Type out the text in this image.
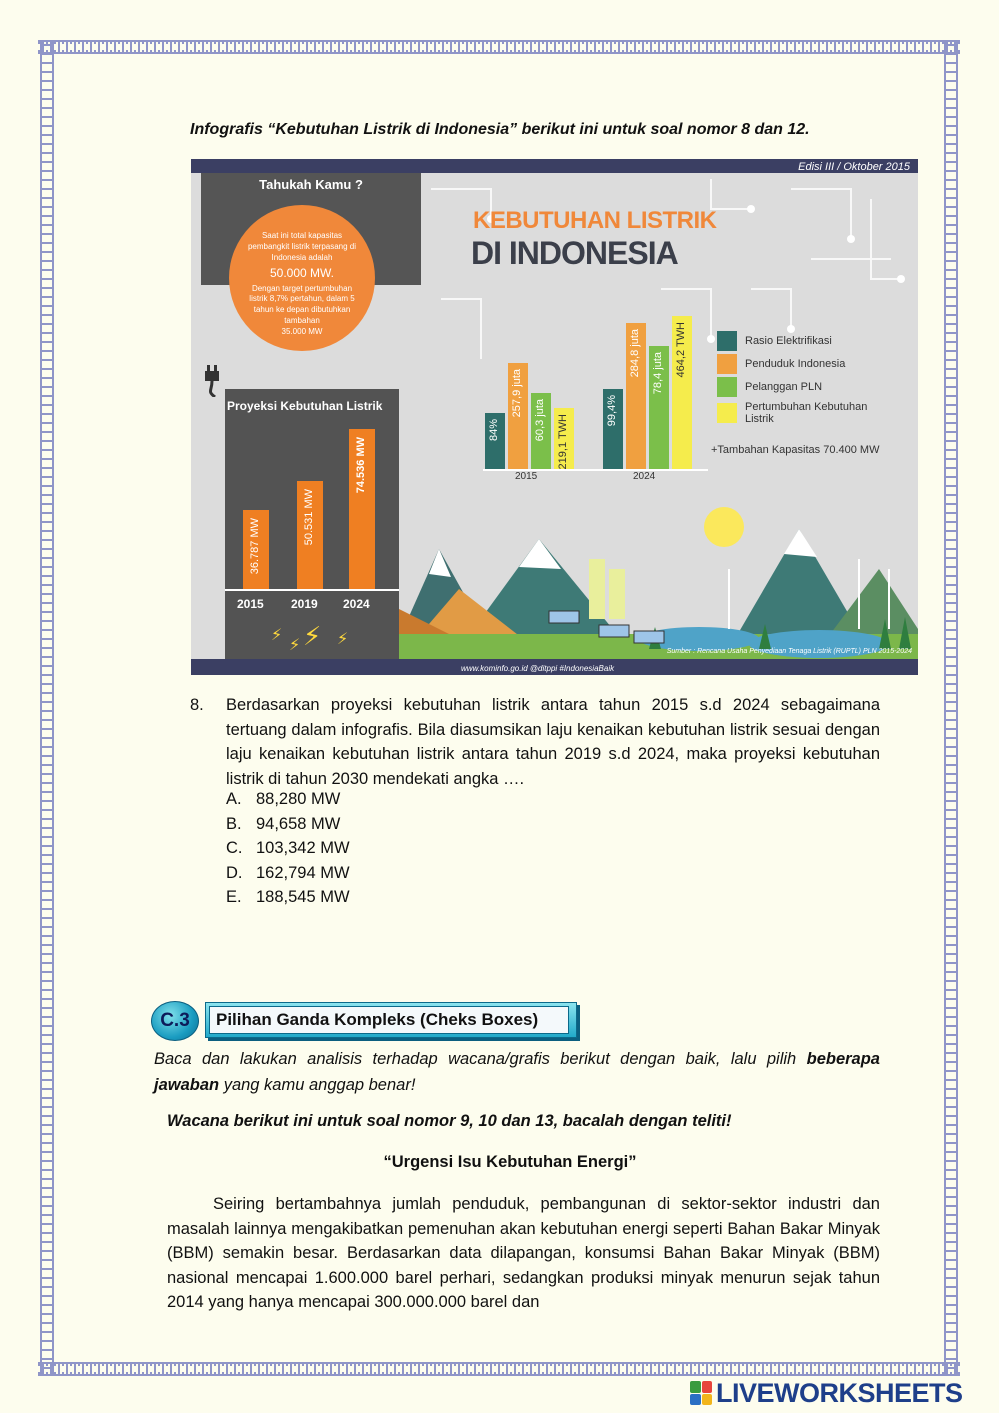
Infografis “Kebutuhan Listrik di Indonesia” berikut ini untuk soal nomor 8 dan 12.
Edisi III / Oktober 2015
Tahukah Kamu ?
Saat ini total kapasitas pembangkit listrik terpasang di Indonesia adalah
50.000 MW.
Dengan target pertumbuhan listrik 8,7% pertahun, dalam 5 tahun ke depan dibutuhkan tambahan
35.000 MW
KEBUTUHAN LISTRIK
DI INDONESIA
Proyeksi Kebutuhan Listrik
36.787 MW
2015
50.531 MW
2019
74.536 MW
2024
⚡
⚡ ⚡ ⚡
84%
257,9 juta
60,3 juta 219,1 TWH
2015
99,4%
284,8 juta 78,4 juta 464,2 TWH
2024
Rasio Elektrifikasi
Penduduk Indonesia
Pelanggan PLN
Pertumbuhan Kebutuhan Listrik
+Tambahan Kapasitas 70.400 MW
Sumber : Rencana Usaha Penyediaan Tenaga Listrik (RUPTL) PLN 2015-2024
www.kominfo.go.id @ditppi #IndonesiaBaik
8. Berdasarkan proyeksi kebutuhan listrik antara tahun 2015 s.d 2024 sebagaimana tertuang dalam infografis. Bila diasumsikan laju kenaikan kebutuhan listrik sesuai dengan laju kenaikan kebutuhan listrik antara tahun 2019 s.d 2024, maka proyeksi kebutuhan listrik di tahun 2030 mendekati angka ….
A. 88,280 MW
B. 94,658 MW
C. 103,342 MW
D. 162,794 MW
E. 188,545 MW
C.3	Pilihan Ganda Kompleks (Cheks Boxes)
Baca dan lakukan analisis terhadap wacana/grafis berikut dengan baik, lalu pilih beberapa jawaban yang kamu anggap benar!
Wacana berikut ini untuk soal nomor 9, 10 dan 13, bacalah dengan teliti!
“Urgensi Isu Kebutuhan Energi”
Seiring bertambahnya jumlah penduduk, pembangunan di sektor-sektor industri dan masalah lainnya mengakibatkan pemenuhan akan kebutuhan energi seperti Bahan Bakar Minyak (BBM) semakin besar. Berdasarkan data dilapangan, konsumsi Bahan Bakar Minyak (BBM) nasional mencapai 1.600.000 barel perhari, sedangkan produksi minyak menurun sejak tahun 2014 yang hanya mencapai 300.000.000 barel dan
LIVEWORKSHEETS
